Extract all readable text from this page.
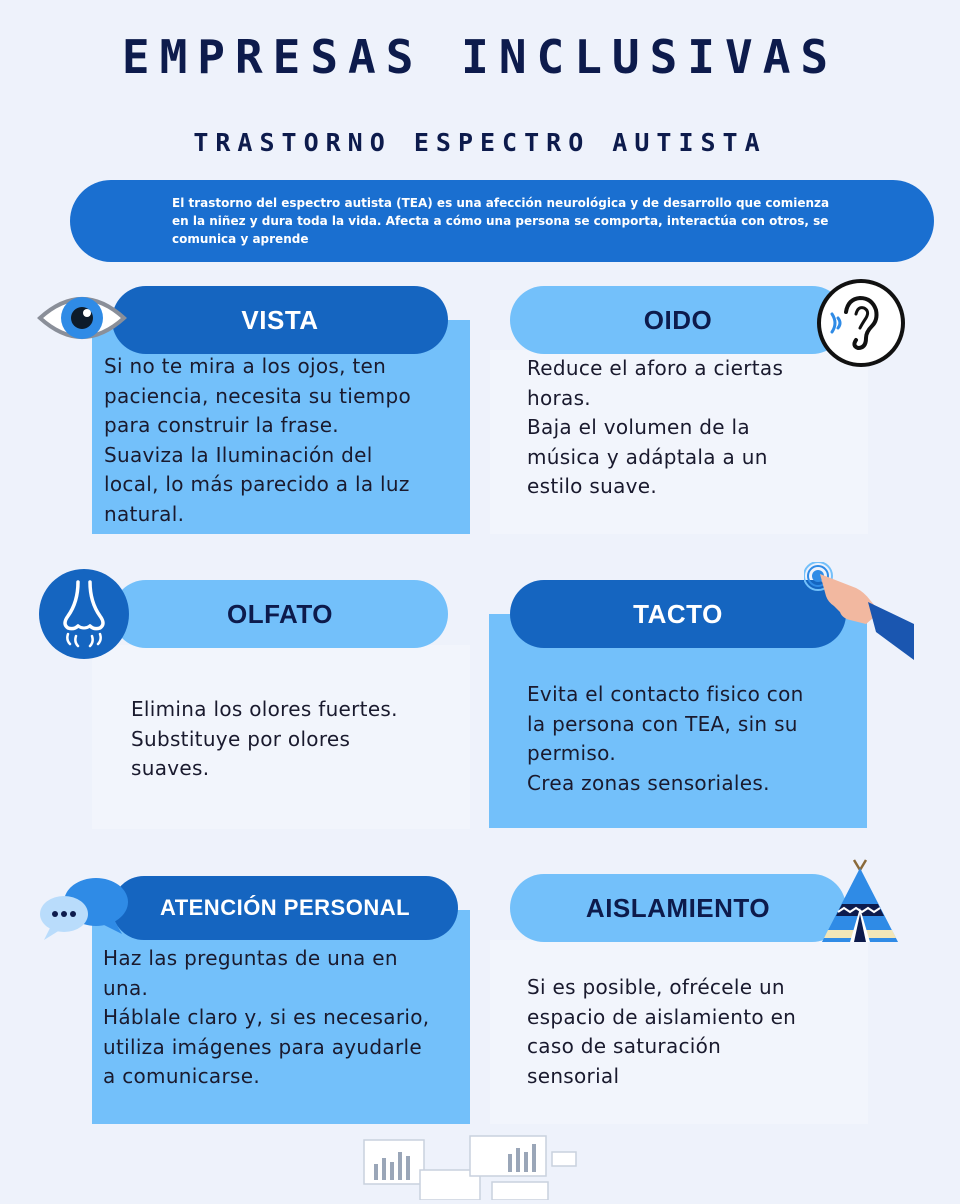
EMPRESAS INCLUSIVAS
TRASTORNO ESPECTRO AUTISTA
El trastorno del espectro autista (TEA) es una afección neurológica y de desarrollo que comienza en la niñez y dura toda la vida. Afecta a cómo una persona se comporta, interactúa con otros, se comunica y aprende
Si no te mira a los ojos, ten
paciencia, necesita su tiempo
para construir la frase.
Suaviza la Iluminación del
local, lo más parecido a la luz
natural.
VISTA
Reduce el aforo a ciertas
horas.
Baja el volumen de la
música y adáptala a un
estilo suave.
OIDO
Elimina los olores fuertes.
Substituye por olores
suaves.
OLFATO
Evita el contacto fisico con
la persona con TEA, sin su
permiso.
Crea zonas sensoriales.
TACTO
Haz las preguntas de una en
una.
Háblale claro y, si es necesario,
utiliza imágenes para ayudarle
a comunicarse.
ATENCIÓN PERSONAL
Si es posible, ofrécele un
espacio de aislamiento en
caso de saturación
sensorial
AISLAMIENTO
